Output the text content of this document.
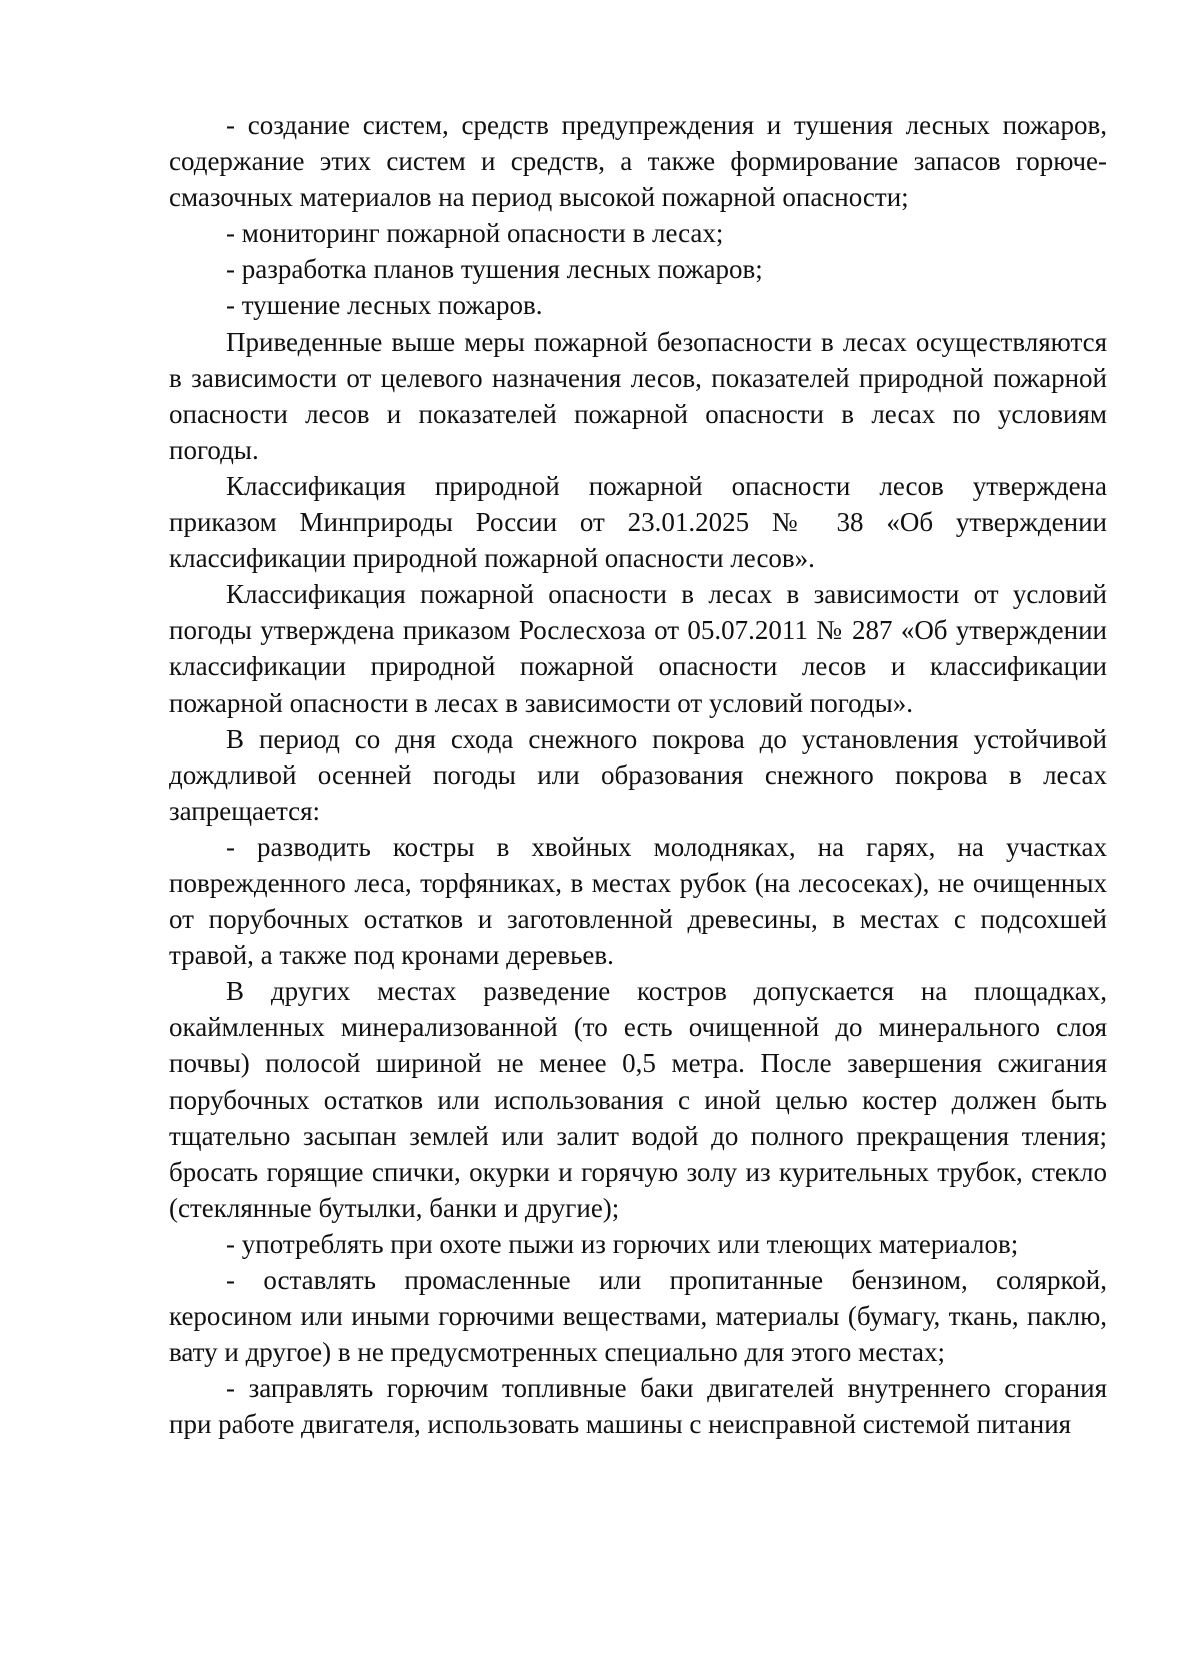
- создание систем, средств предупреждения и тушения лесных пожаров, содержание этих систем и средств, а также формирование запасов горюче-смазочных материалов на период высокой пожарной опасности;

- мониторинг пожарной опасности в лесах;

- разработка планов тушения лесных пожаров;

- тушение лесных пожаров.

Приведенные выше меры пожарной безопасности в лесах осуществляются в зависимости от целевого назначения лесов, показателей природной пожарной опасности лесов и показателей пожарной опасности в лесах по условиям погоды.

Классификация природной пожарной опасности лесов утверждена приказом Минприроды России от 23.01.2025 № 38 «Об утверждении классификации природной пожарной опасности лесов».

Классификация пожарной опасности в лесах в зависимости от условий погоды утверждена приказом Рослесхоза от 05.07.2011 № 287 «Об утверждении классификации природной пожарной опасности лесов и классификации пожарной опасности в лесах в зависимости от условий погоды».

В период со дня схода снежного покрова до установления устойчивой дождливой осенней погоды или образования снежного покрова в лесах запрещается:

- разводить костры в хвойных молодняках, на гарях, на участках поврежденного леса, торфяниках, в местах рубок (на лесосеках), не очищенных от порубочных остатков и заготовленной древесины, в местах с подсохшей травой, а также под кронами деревьев.

В других местах разведение костров допускается на площадках, окаймленных минерализованной (то есть очищенной до минерального слоя почвы) полосой шириной не менее 0,5 метра. После завершения сжигания порубочных остатков или использования с иной целью костер должен быть тщательно засыпан землей или залит водой до полного прекращения тления; бросать горящие спички, окурки и горячую золу из курительных трубок, стекло (стеклянные бутылки, банки и другие);

- употреблять при охоте пыжи из горючих или тлеющих материалов;

- оставлять промасленные или пропитанные бензином, соляркой, керосином или иными горючими веществами, материалы (бумагу, ткань, паклю, вату и другое) в не предусмотренных специально для этого местах;

- заправлять горючим топливные баки двигателей внутреннего сгорания при работе двигателя, использовать машины с неисправной системой питания
